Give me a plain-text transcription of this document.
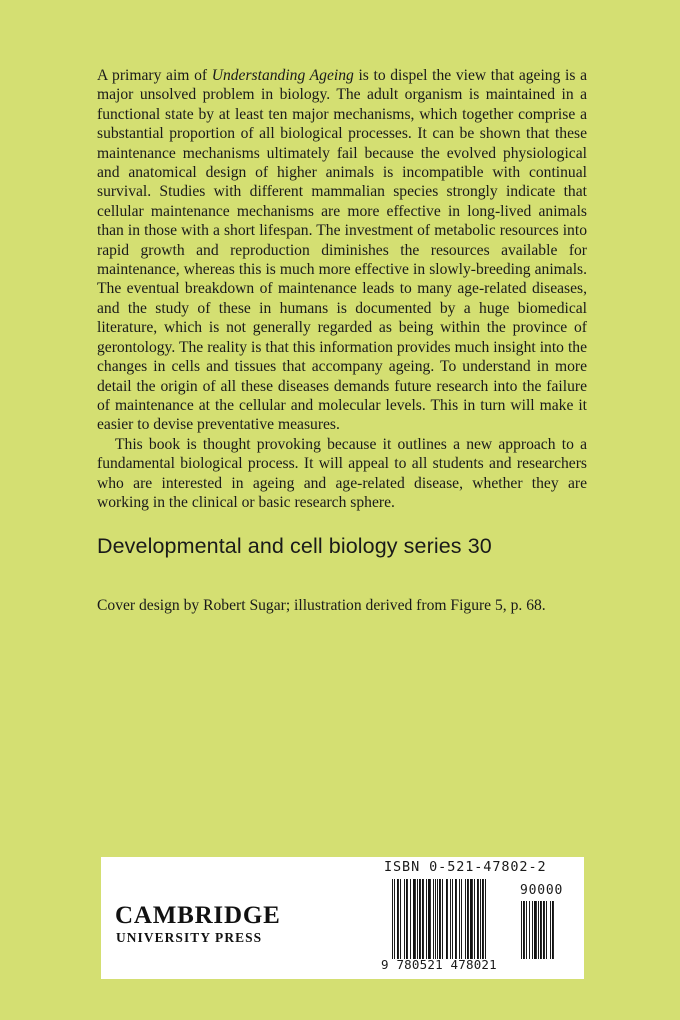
A primary aim of Understanding Ageing is to dispel the view that ageing is a major unsolved problem in biology. The adult organism is maintained in a functional state by at least ten major mechanisms, which together comprise a substantial proportion of all biological processes. It can be shown that these maintenance mechanisms ultimately fail because the evolved physiological and anatomical design of higher animals is incompatible with continual survival. Studies with different mammalian species strongly indicate that cellular maintenance mechanisms are more effective in long-lived animals than in those with a short lifespan. The investment of metabolic resources into rapid growth and reproduction diminishes the resources available for maintenance, whereas this is much more effective in slowly-breeding animals. The eventual breakdown of maintenance leads to many age-related diseases, and the study of these in humans is documented by a huge biomedical literature, which is not generally regarded as being within the province of gerontology. The reality is that this information provides much insight into the changes in cells and tissues that accompany ageing. To understand in more detail the origin of all these diseases demands future research into the failure of maintenance at the cellular and molecular levels. This in turn will make it easier to devise preventative measures.

This book is thought provoking because it outlines a new approach to a fundamental biological process. It will appeal to all students and researchers who are interested in ageing and age-related disease, whether they are working in the clinical or basic research sphere.

Developmental and cell biology series 30
Cover design by Robert Sugar; illustration derived from Figure 5, p. 68.
CAMBRIDGE
UNIVERSITY PRESS
ISBN 0-521-47802-2
9 780521 478021
90000
